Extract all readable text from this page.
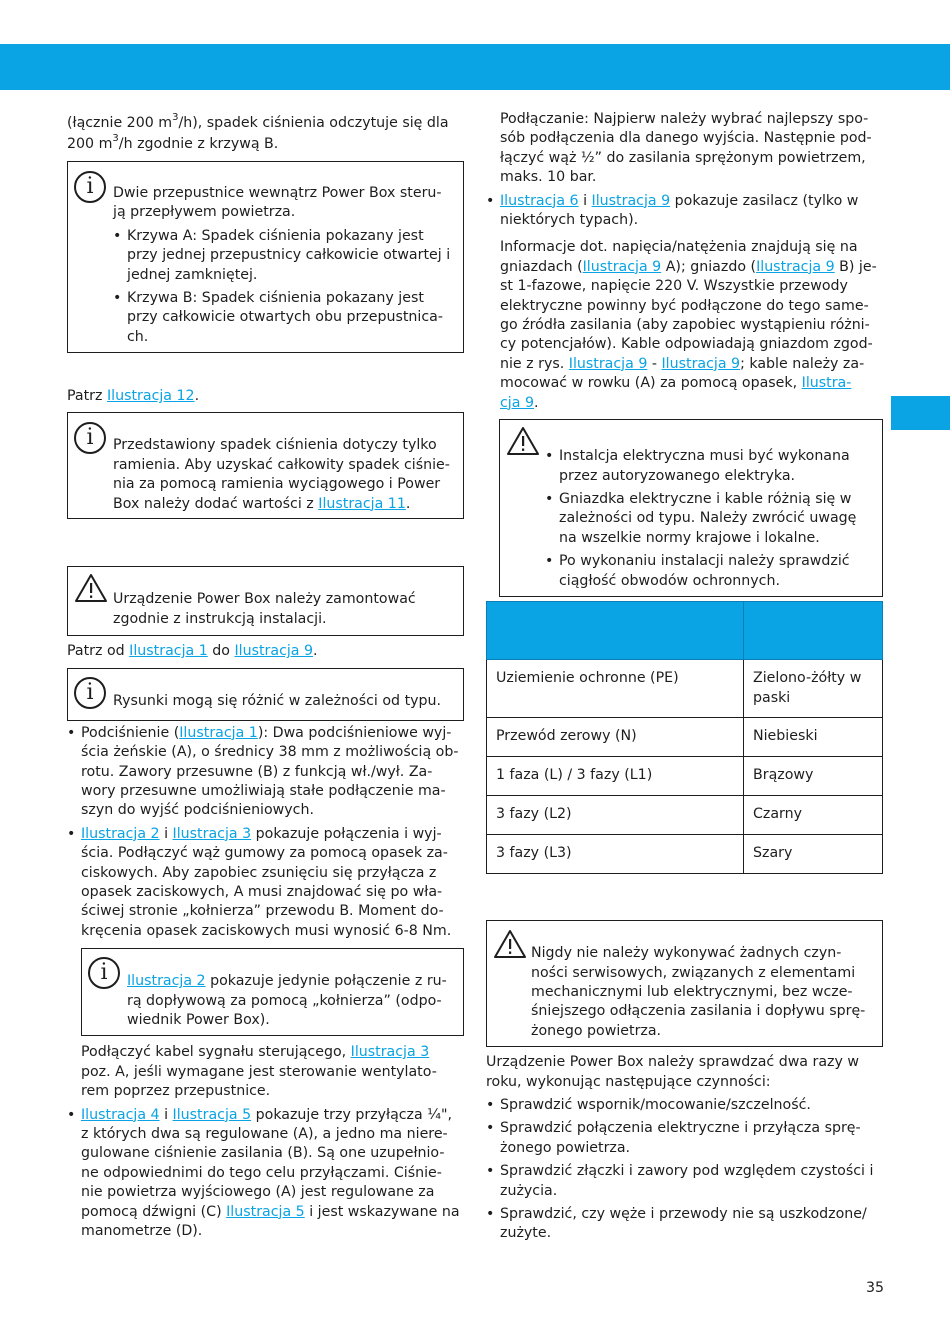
(łącznie 200 $m^3/h$), spadek ciśnienia odczytuje się dla
200 $m^3/h$ zgodnie z krzywą B.

i	Dwie przepustnice wewnątrz Power Box steru-
ją przepływem powietrza.

• Krzywa A: Spadek ciśnienia pokazany jest
przy jednej przepustnicy całkowicie otwartej i
jednej zamkniętej.
• Krzywa B: Spadek ciśnienia pokazany jest
przy całkowicie otwartych obu przepustnica-
ch.

Patrz Ilustracja 12.

i	Przedstawiony spadek ciśnienia dotyczy tylko
ramienia. Aby uzyskać całkowity spadek ciśnie-
nia za pomocą ramienia wyciągowego i Power
Box należy dodać wartości z Ilustracja 11.

Urządzenie Power Box należy zamontować
zgodnie z instrukcją instalacji.

Patrz od Ilustracja 1 do Ilustracja 9.

i	Rysunki mogą się różnić w zależności od typu.

• Podciśnienie (Ilustracja 1): Dwa podciśnieniowe wyj-
ścia żeńskie (A), o średnicy 38 mm z możliwością ob-
rotu. Zawory przesuwne (B) z funkcją wł./wył. Za-
wory przesuwne umożliwiają stałe podłączenie ma-
szyn do wyjść podciśnieniowych.
• Ilustracja 2 i Ilustracja 3 pokazuje połączenia i wyj-
ścia. Podłączyć wąż gumowy za pomocą opasek za-
ciskowych. Aby zapobiec zsunięciu się przyłącza z
opasek zaciskowych, A musi znajdować się po wła-
ściwej stronie „kołnierza” przewodu B. Moment do-
kręcenia opasek zaciskowych musi wynosić 6-8 Nm.
i	Ilustracja 2 pokazuje jedynie połączenie z ru-
rą dopływową za pomocą „kołnierza” (odpo-
wiednik Power Box).

Podłączyć kabel sygnału sterującego, Ilustracja 3
poz. A, jeśli wymagane jest sterowanie wentylato-
rem poprzez przepustnice.

• Ilustracja 4 i Ilustracja 5 pokazuje trzy przyłącza ¼",
z których dwa są regulowane (A), a jedno ma niere-
gulowane ciśnienie zasilania (B). Są one uzupełnio-
ne odpowiednimi do tego celu przyłączami. Ciśnie-
nie powietrza wyjściowego (A) jest regulowane za
pomocą dźwigni (C) Ilustracja 5 i jest wskazywane na
manometrze (D).

Podłączanie: Najpierw należy wybrać najlepszy spo-
sób podłączenia dla danego wyjścia. Następnie pod-
łączyć wąż ½” do zasilania sprężonym powietrzem,
maks. 10 bar.

• Ilustracja 6 i Ilustracja 9 pokazuje zasilacz (tylko w
niektórych typach).

Informacje dot. napięcia/natężenia znajdują się na
gniazdach (Ilustracja 9 A); gniazdo (Ilustracja 9 B) je-
st 1-fazowe, napięcie 220 V. Wszystkie przewody
elektryczne powinny być podłączone do tego same-
go źródła zasilania (aby zapobiec wystąpieniu różni-
cy potencjałów). Kable odpowiadają gniazdom zgod-
nie z rys. Ilustracja 9 - Ilustracja 9; kable należy za-
mocować w rowku (A) za pomocą opasek, Ilustra-
cja 9.

• Instalcja elektryczna musi być wykonana
przez autoryzowanego elektryka.
• Gniazdka elektryczne i kable różnią się w
zależności od typu. Należy zwrócić uwagę
na wszelkie normy krajowe i lokalne.
• Po wykonaniu instalacji należy sprawdzić
ciągłość obwodów ochronnych.

Uziemienie ochronne (PE)	Zielono-żółty w paski
Przewód zerowy (N)	Niebieski
1 faza (L) / 3 fazy (L1)	Brązowy
3 fazy (L2)	Czarny
3 fazy (L3)	Szary

Nigdy nie należy wykonywać żadnych czyn-
ności serwisowych, związanych z elementami
mechanicznymi lub elektrycznymi, bez wcze-
śniejszego odłączenia zasilania i dopływu sprę-
żonego powietrza.

Urządzenie Power Box należy sprawdzać dwa razy w
roku, wykonując następujące czynności:

• Sprawdzić wspornik/mocowanie/szczelność.
• Sprawdzić połączenia elektryczne i przyłącza sprę-
żonego powietrza.
• Sprawdzić złączki i zawory pod względem czystości i
zużycia.
• Sprawdzić, czy węże i przewody nie są uszkodzone/
zużyte.
35
